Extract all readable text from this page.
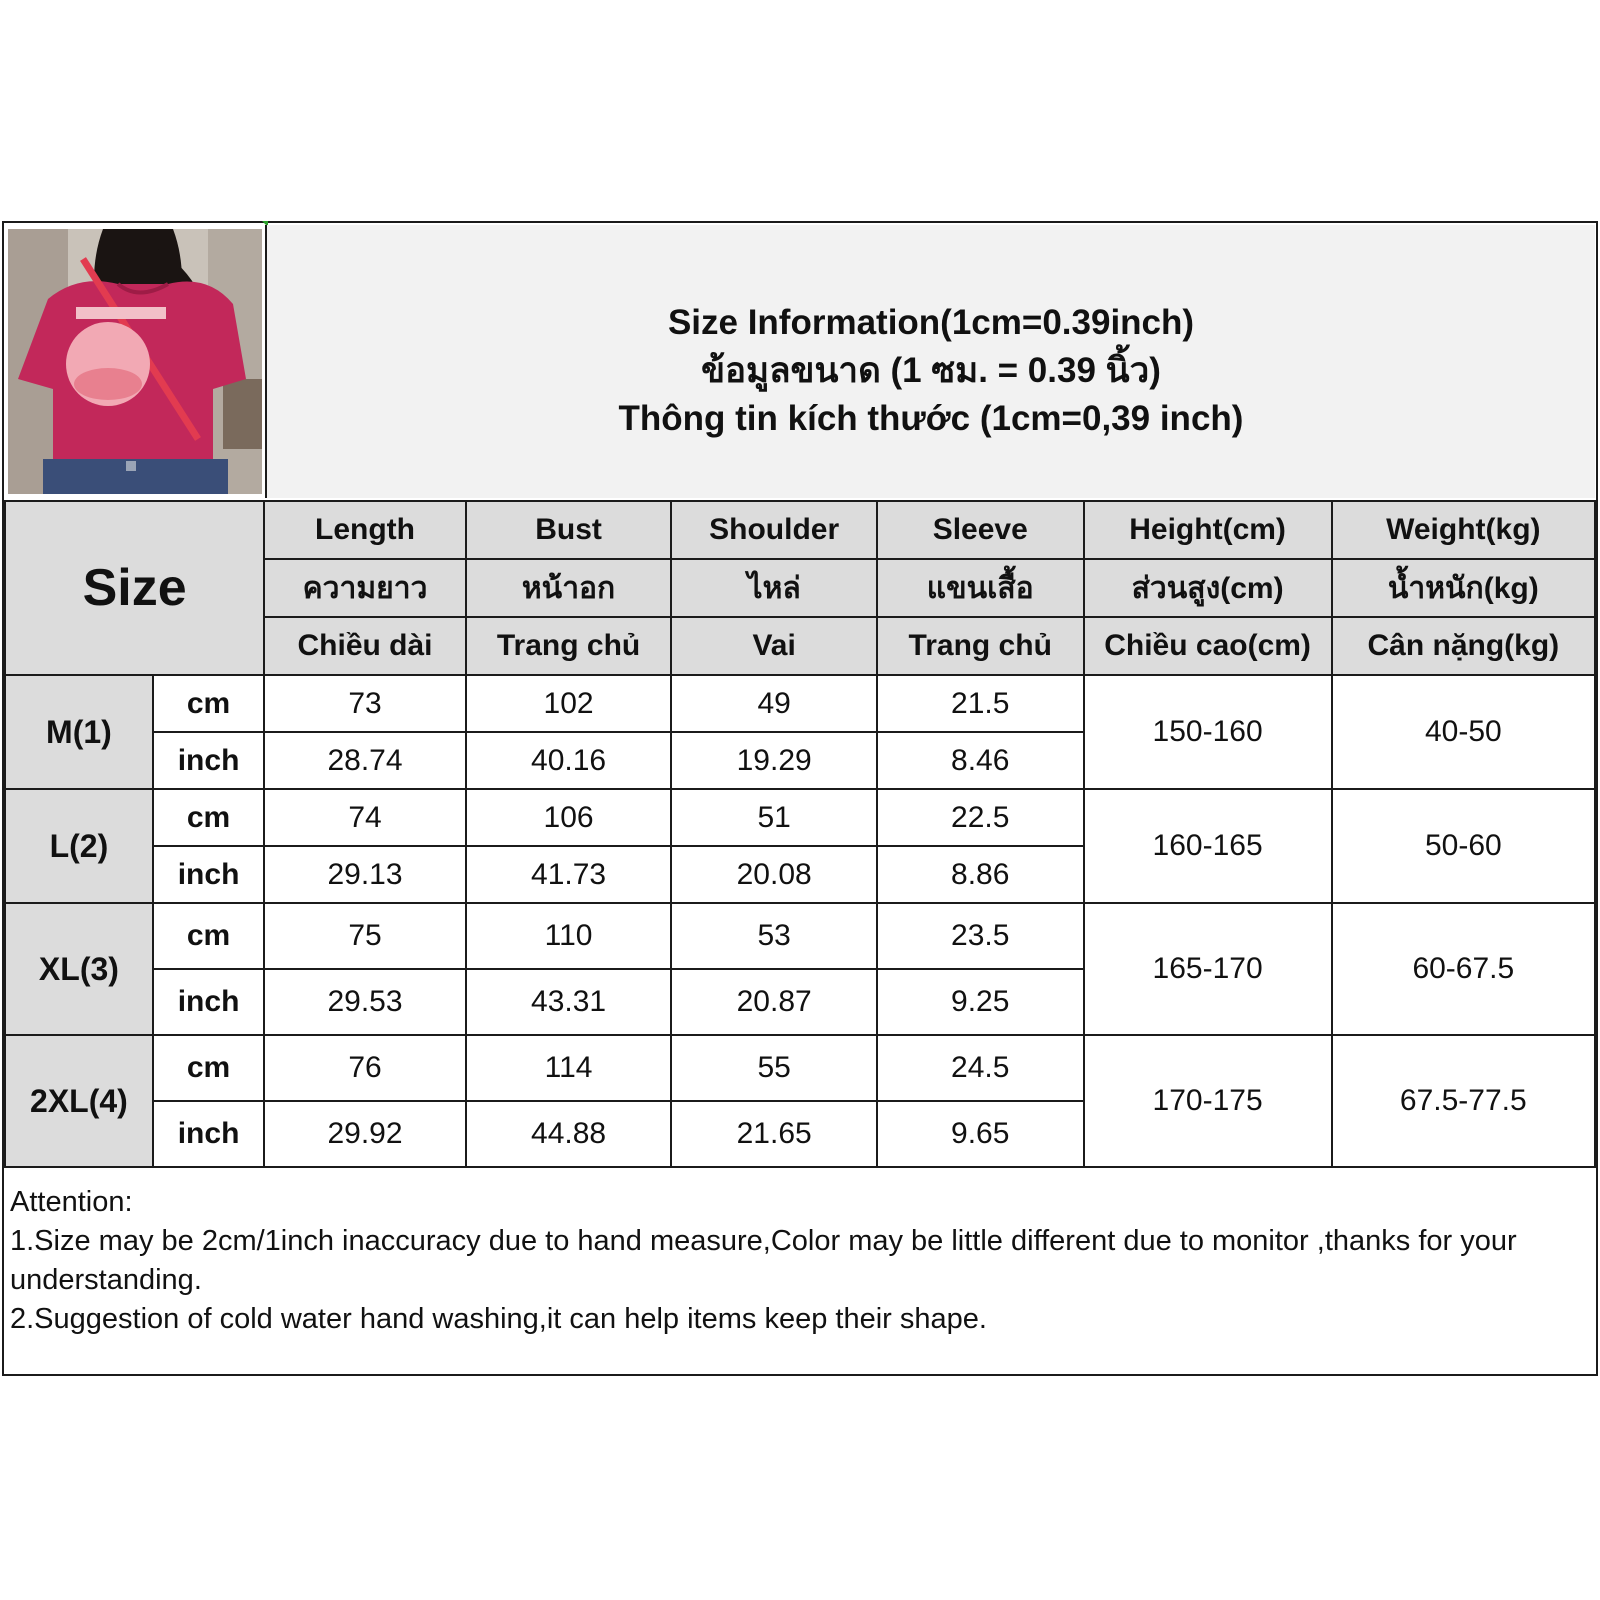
Size Information(1cm=0.39inch)
ข้อมูลขนาด (1 ซม. = 0.39 นิ้ว)
Thông tin kích thước (1cm=0,39 inch)
Size		Length	Bust	Shoulder	Sleeve	Height(cm)	Weight(kg)
		ความยาว	หน้าอก	ไหล่	แขนเสื้อ	ส่วนสูง(cm)	น้ำหนัก(kg)
		Chiều dài	Trang chủ	Vai	Trang chủ	Chiều cao(cm)	Cân nặng(kg)
M(1)	cm	73	102	49	21.5	150-160	40-50
	inch	28.74	40.16	19.29	8.46		
L(2)	cm	74	106	51	22.5	160-165	50-60
	inch	29.13	41.73	20.08	8.86		
XL(3)	cm	75	110	53	23.5	165-170	60-67.5
	inch	29.53	43.31	20.87	9.25		
2XL(4)	cm	76	114	55	24.5	170-175	67.5-77.5
	inch	29.92	44.88	21.65	9.65		
Attention:
1.Size may be 2cm/1inch inaccuracy due to hand measure,Color may be little different due to monitor ,thanks for your understanding.
2.Suggestion of cold water hand washing,it can help items keep their shape.
